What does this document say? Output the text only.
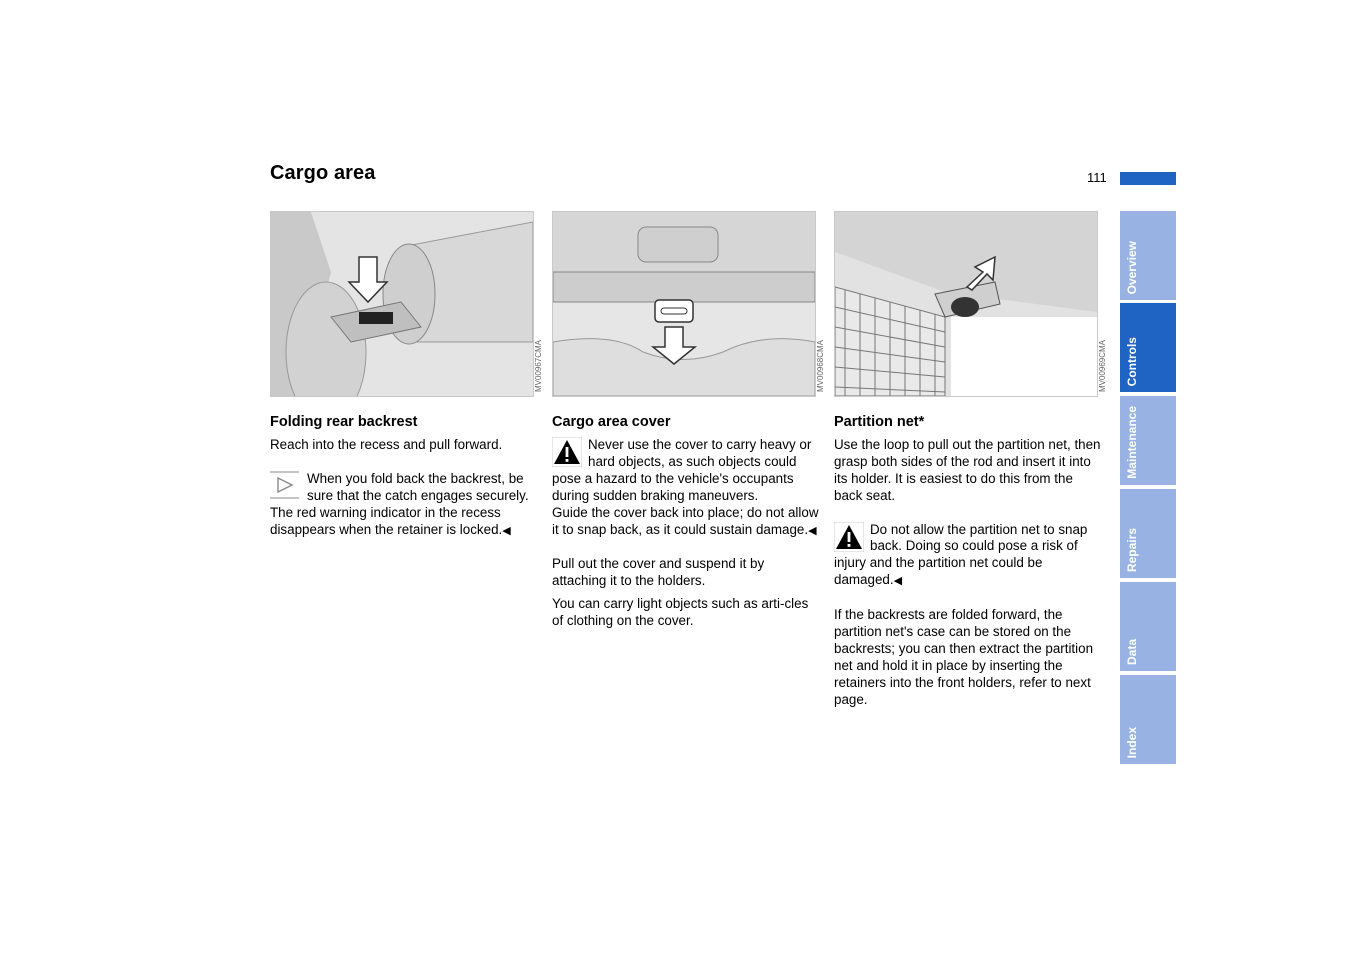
Cargo area	111
MV00967CMA	MV00968CMA	MV00969CMA
Folding rear backrest

Reach into the recess and pull forward.

When you fold back the backrest, be sure that the catch engages securely. The red warning indicator in the recess disappears when the retainer is locked.◀

Cargo area cover

Never use the cover to carry heavy or hard objects, as such objects could pose a hazard to the vehicle's occupants during sudden braking maneuvers.

Guide the cover back into place; do not allow it to snap back, as it could sustain damage.◀

Pull out the cover and suspend it by attaching it to the holders.

You can carry light objects such as arti-cles of clothing on the cover.

Partition net*

Use the loop to pull out the partition net, then grasp both sides of the rod and insert it into its holder. It is easiest to do this from the back seat.

Do not allow the partition net to snap back. Doing so could pose a risk of injury and the partition net could be damaged.◀

If the backrests are folded forward, the partition net's case can be stored on the backrests; you can then extract the partition net and hold it in place by inserting the retainers into the front holders, refer to next page.

Overview
Controls
Maintenance
Repairs
Data
Index
